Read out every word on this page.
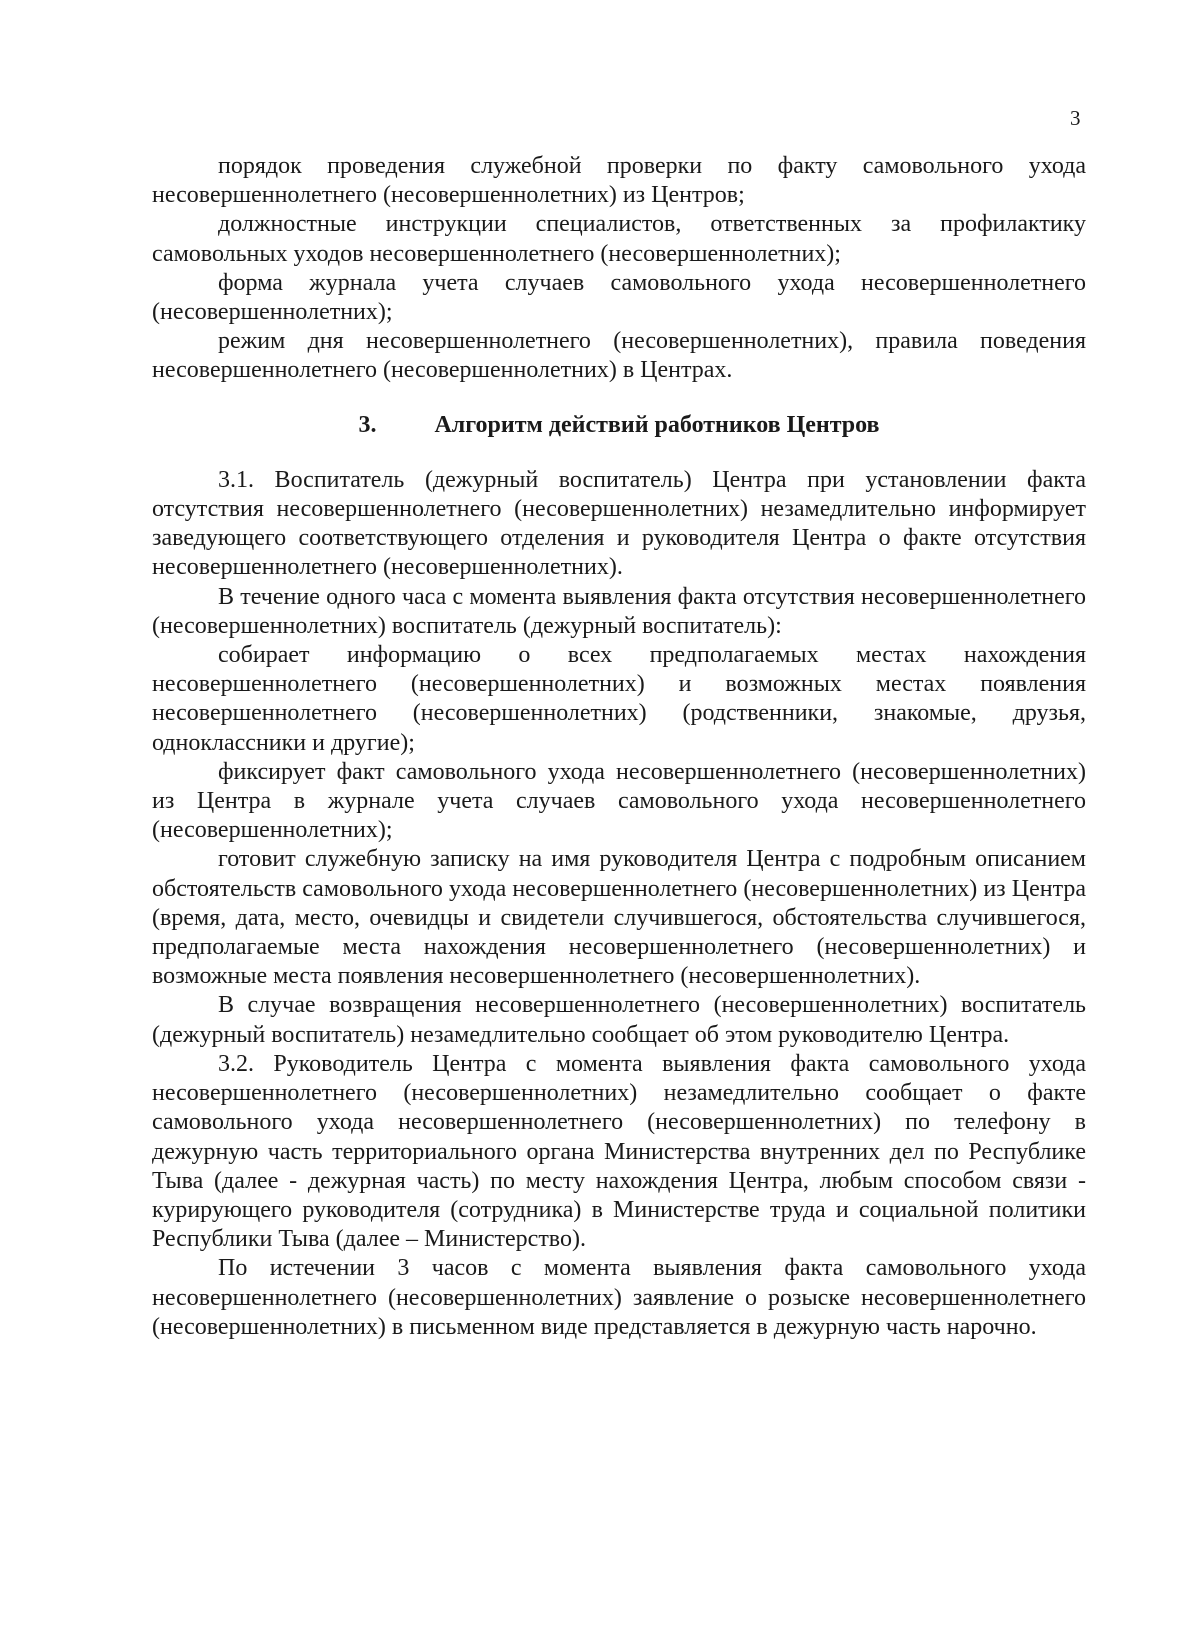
3

порядок проведения служебной проверки по факту самовольного ухода несовершеннолетнего (несовершеннолетних) из Центров;

должностные инструкции специалистов, ответственных за профилактику самовольных уходов несовершеннолетнего (несовершеннолетних);

форма журнала учета случаев самовольного ухода несовершеннолетнего (несовершеннолетних);

режим дня несовершеннолетнего (несовершеннолетних), правила поведения несовершеннолетнего (несовершеннолетних) в Центрах.

3. Алгоритм действий работников Центров

3.1. Воспитатель (дежурный воспитатель) Центра при установлении факта отсутствия несовершеннолетнего (несовершеннолетних) незамедлительно информирует заведующего соответствующего отделения и руководителя Центра о факте отсутствия несовершеннолетнего (несовершеннолетних).

В течение одного часа с момента выявления факта отсутствия несовершеннолетнего (несовершеннолетних) воспитатель (дежурный воспитатель):

собирает информацию о всех предполагаемых местах нахождения несовершеннолетнего (несовершеннолетних) и возможных местах появления несовершеннолетнего (несовершеннолетних) (родственники, знакомые, друзья, одноклассники и другие);

фиксирует факт самовольного ухода несовершеннолетнего (несовершеннолетних) из Центра в журнале учета случаев самовольного ухода несовершеннолетнего (несовершеннолетних);

готовит служебную записку на имя руководителя Центра с подробным описанием обстоятельств самовольного ухода несовершеннолетнего (несовершеннолетних) из Центра (время, дата, место, очевидцы и свидетели случившегося, обстоятельства случившегося, предполагаемые места нахождения несовершеннолетнего (несовершеннолетних) и возможные места появления несовершеннолетнего (несовершеннолетних).

В случае возвращения несовершеннолетнего (несовершеннолетних) воспитатель (дежурный воспитатель) незамедлительно сообщает об этом руководителю Центра.

3.2. Руководитель Центра с момента выявления факта самовольного ухода несовершеннолетнего (несовершеннолетних) незамедлительно сообщает о факте самовольного ухода несовершеннолетнего (несовершеннолетних) по телефону в дежурную часть территориального органа Министерства внутренних дел по Республике Тыва (далее - дежурная часть) по месту нахождения Центра, любым способом связи - курирующего руководителя (сотрудника) в Министерстве труда и социальной политики Республики Тыва (далее – Министерство).

По истечении 3 часов с момента выявления факта самовольного ухода несовершеннолетнего (несовершеннолетних) заявление о розыске несовершеннолетнего (несовершеннолетних) в письменном виде представляется в дежурную часть нарочно.
